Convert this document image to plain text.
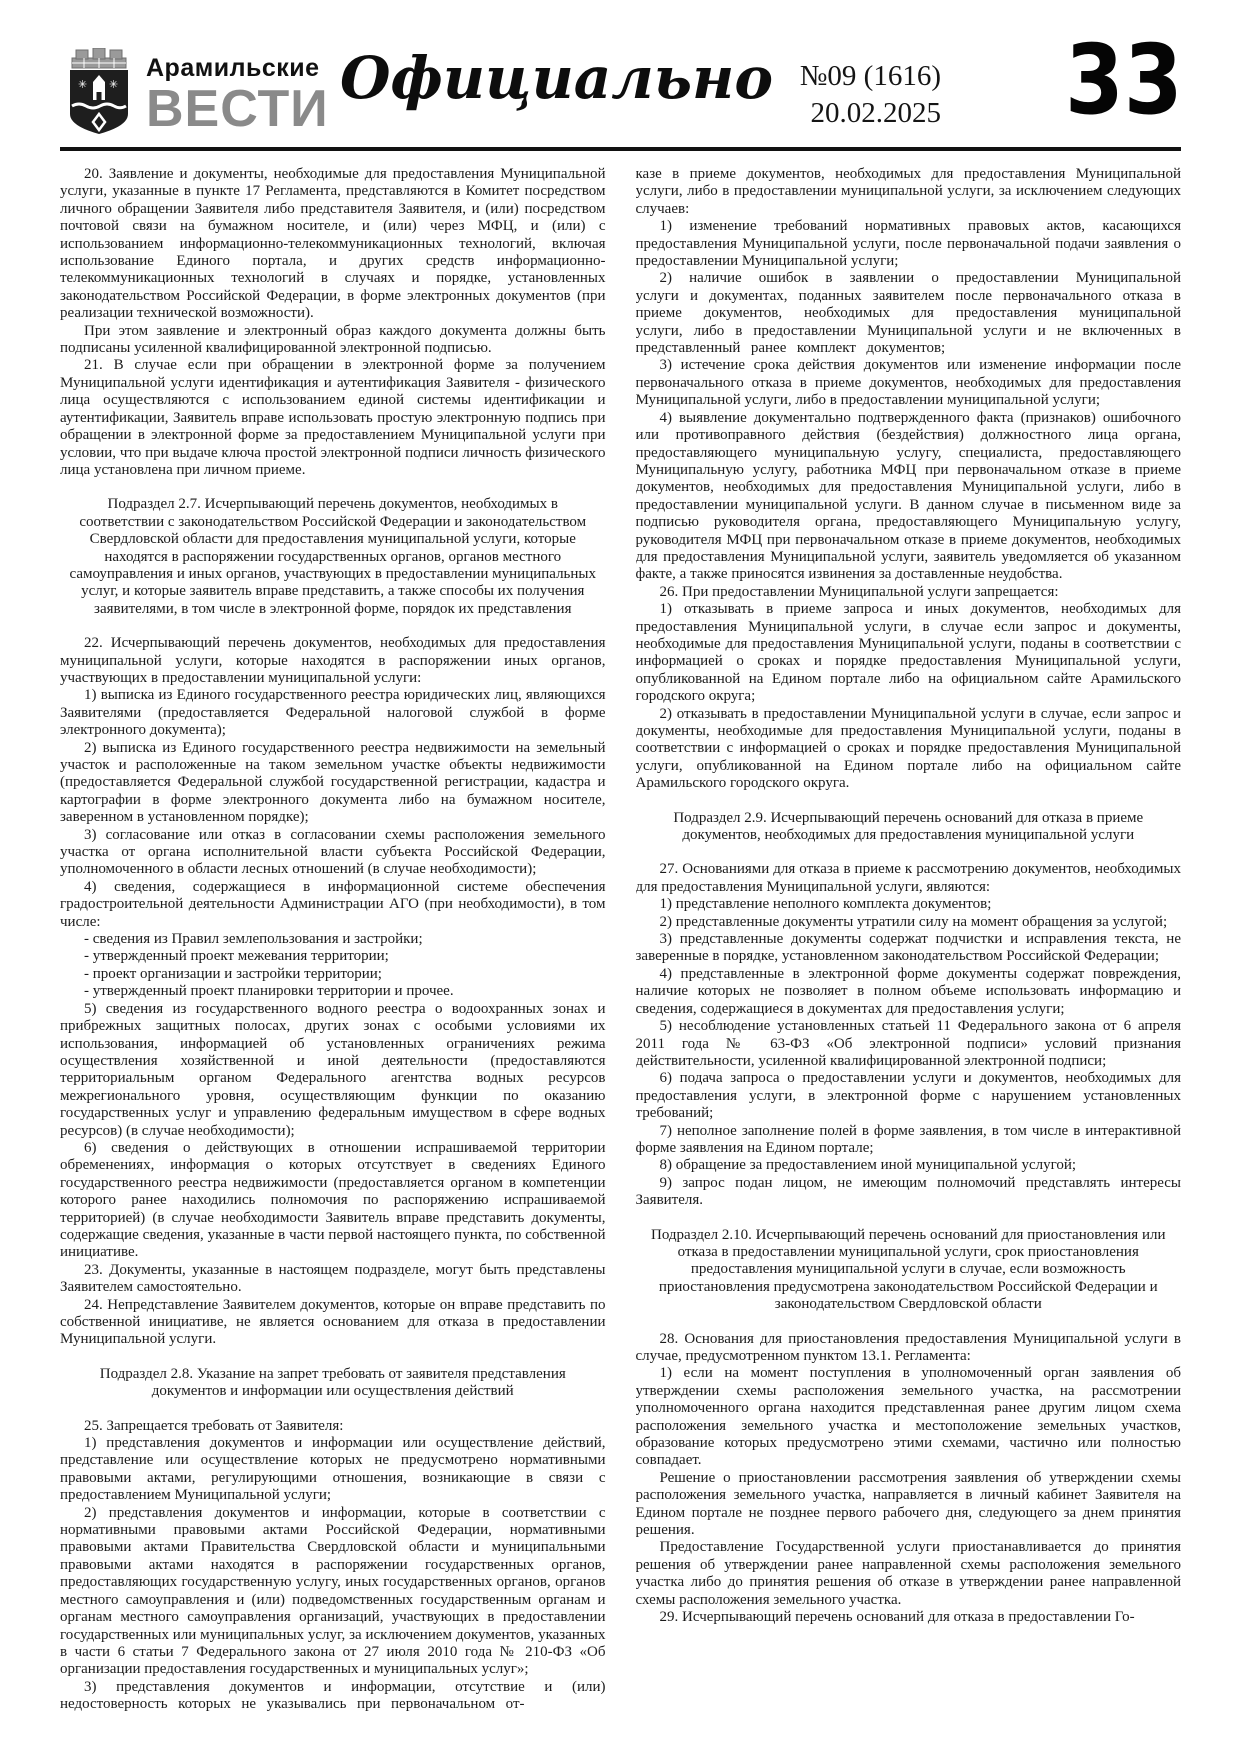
✳ ✳
Арамильские
ВЕСТИ Официально №09 (1616)
20.02.2025 33

20. Заявление и документы, необходимые для предоставления Муниципальной услуги, указанные в пункте 17 Регламента, представляются в Комитет посредством личного обращении Заявителя либо представителя Заявителя, и (или) посредством почтовой связи на бумажном носителе, и (или) через МФЦ, и (или) с использованием информационно-телекоммуникационных технологий, включая использование Единого портала, и других средств информационно-телекоммуникационных технологий в случаях и порядке, установленных законодательством Российской Федерации, в форме электронных документов (при реализации технической возможности).

При этом заявление и электронный образ каждого документа должны быть подписаны усиленной квалифицированной электронной подписью.

21. В случае если при обращении в электронной форме за получением Муниципальной услуги идентификация и аутентификация Заявителя - физического лица осуществляются с использованием единой системы идентификации и аутентификации, Заявитель вправе использовать простую электронную подпись при обращении в электронной форме за предоставлением Муниципальной услуги при условии, что при выдаче ключа простой электронной подписи личность физического лица установлена при личном приеме.

Подраздел 2.7. Исчерпывающий перечень документов, необходимых в соответствии с законодательством Российской Федерации и законодательством Свердловской области для предоставления муниципальной услуги, которые находятся в распоряжении государственных органов, органов местного самоуправления и иных органов, участвующих в предоставлении муниципальных услуг, и которые заявитель вправе представить, а также способы их получения заявителями, в том числе в электронной форме, порядок их представления

22. Исчерпывающий перечень документов, необходимых для предоставления муниципальной услуги, которые находятся в распоряжении иных органов, участвующих в предоставлении муниципальной услуги:

1) выписка из Единого государственного реестра юридических лиц, являющихся Заявителями (предоставляется Федеральной налоговой службой в форме электронного документа);

2) выписка из Единого государственного реестра недвижимости на земельный участок и расположенные на таком земельном участке объекты недвижимости (предоставляется Федеральной службой государственной регистрации, кадастра и картографии в форме электронного документа либо на бумажном носителе, заверенном в установленном порядке);

3) согласование или отказ в согласовании схемы расположения земельного участка от органа исполнительной власти субъекта Российской Федерации, уполномоченного в области лесных отношений (в случае необходимости);

4) сведения, содержащиеся в информационной системе обеспечения градостроительной деятельности Администрации АГО (при необходимости), в том числе:

- сведения из Правил землепользования и застройки;

- утвержденный проект межевания территории;

- проект организации и застройки территории;

- утвержденный проект планировки территории и прочее.

5) сведения из государственного водного реестра о водоохранных зонах и прибрежных защитных полосах, других зонах с особыми условиями их использования, информацией об установленных ограничениях режима осуществления хозяйственной и иной деятельности (предоставляются территориальным органом Федерального агентства водных ресурсов межрегионального уровня, осуществляющим функции по оказанию государственных услуг и управлению федеральным имуществом в сфере водных ресурсов) (в случае необходимости);

6) сведения о действующих в отношении испрашиваемой территории обременениях, информация о которых отсутствует в сведениях Единого государственного реестра недвижимости (предоставляется органом в компетенции которого ранее находились полномочия по распоряжению испрашиваемой территорией) (в случае необходимости Заявитель вправе представить документы, содержащие сведения, указанные в части первой настоящего пункта, по собственной инициативе.

23. Документы, указанные в настоящем подразделе, могут быть представлены Заявителем самостоятельно.

24. Непредставление Заявителем документов, которые он вправе представить по собственной инициативе, не является основанием для отказа в предоставлении Муниципальной услуги.

Подраздел 2.8. Указание на запрет требовать от заявителя представления документов и информации или осуществления действий

25. Запрещается требовать от Заявителя:

1) представления документов и информации или осуществление действий, представление или осуществление которых не предусмотрено нормативными правовыми актами, регулирующими отношения, возникающие в связи с предоставлением Муниципальной услуги;

2) представления документов и информации, которые в соответствии с нормативными правовыми актами Российской Федерации, нормативными правовыми актами Правительства Свердловской области и муниципальными правовыми актами находятся в распоряжении государственных органов, предоставляющих государственную услугу, иных государственных органов, органов местного самоуправления и (или) подведомственных государственным органам и органам местного самоуправления организаций, участвующих в предоставлении государственных или муниципальных услуг, за исключением документов, указанных в части 6 статьи 7 Федерального закона от 27 июля 2010 года № 210-ФЗ «Об организации предоставления государственных и муниципальных услуг»;

3) представления документов и информации, отсутствие и (или) недостоверность которых не указывались при первоначальном от-

казе в приеме документов, необходимых для предоставления Муниципальной услуги, либо в предоставлении муниципальной услуги, за исключением следующих случаев:

1) изменение требований нормативных правовых актов, касающихся предоставления Муниципальной услуги, после первоначальной подачи заявления о предоставлении Муниципальной услуги;

2) наличие ошибок в заявлении о предоставлении Муниципальной услуги и документах, поданных заявителем после первоначального отказа в приеме документов, необходимых для предоставления муниципальной услуги, либо в предоставлении Муниципальной услуги и не включенных в представленный ранее комплект документов;

3) истечение срока действия документов или изменение информации после первоначального отказа в приеме документов, необходимых для предоставления Муниципальной услуги, либо в предоставлении муниципальной услуги;

4) выявление документально подтвержденного факта (признаков) ошибочного или противоправного действия (бездействия) должностного лица органа, предоставляющего муниципальную услугу, специалиста, предоставляющего Муниципальную услугу, работника МФЦ при первоначальном отказе в приеме документов, необходимых для предоставления Муниципальной услуги, либо в предоставлении муниципальной услуги. В данном случае в письменном виде за подписью руководителя органа, предоставляющего Муниципальную услугу, руководителя МФЦ при первоначальном отказе в приеме документов, необходимых для предоставления Муниципальной услуги, заявитель уведомляется об указанном факте, а также приносятся извинения за доставленные неудобства.

26. При предоставлении Муниципальной услуги запрещается:

1) отказывать в приеме запроса и иных документов, необходимых для предоставления Муниципальной услуги, в случае если запрос и документы, необходимые для предоставления Муниципальной услуги, поданы в соответствии с информацией о сроках и порядке предоставления Муниципальной услуги, опубликованной на Едином портале либо на официальном сайте Арамильского городского округа;

2) отказывать в предоставлении Муниципальной услуги в случае, если запрос и документы, необходимые для предоставления Муниципальной услуги, поданы в соответствии с информацией о сроках и порядке предоставления Муниципальной услуги, опубликованной на Едином портале либо на официальном сайте Арамильского городского округа.

Подраздел 2.9. Исчерпывающий перечень оснований для отказа в приеме документов, необходимых для предоставления муниципальной услуги

27. Основаниями для отказа в приеме к рассмотрению документов, необходимых для предоставления Муниципальной услуги, являются:

1) представление неполного комплекта документов;

2) представленные документы утратили силу на момент обращения за услугой;

3) представленные документы содержат подчистки и исправления текста, не заверенные в порядке, установленном законодательством Российской Федерации;

4) представленные в электронной форме документы содержат повреждения, наличие которых не позволяет в полном объеме использовать информацию и сведения, содержащиеся в документах для предоставления услуги;

5) несоблюдение установленных статьей 11 Федерального закона от 6 апреля 2011 года № 63-ФЗ «Об электронной подписи» условий признания действительности, усиленной квалифицированной электронной подписи;

6) подача запроса о предоставлении услуги и документов, необходимых для предоставления услуги, в электронной форме с нарушением установленных требований;

7) неполное заполнение полей в форме заявления, в том числе в интерактивной форме заявления на Едином портале;

8) обращение за предоставлением иной муниципальной услугой;

9) запрос подан лицом, не имеющим полномочий представлять интересы Заявителя.

Подраздел 2.10. Исчерпывающий перечень оснований для приостановления или отказа в предоставлении муниципальной услуги, срок приостановления предоставления муниципальной услуги в случае, если возможность приостановления предусмотрена законодательством Российской Федерации и законодательством Свердловской области

28. Основания для приостановления предоставления Муниципальной услуги в случае, предусмотренном пунктом 13.1. Регламента:

1) если на момент поступления в уполномоченный орган заявления об утверждении схемы расположения земельного участка, на рассмотрении уполномоченного органа находится представленная ранее другим лицом схема расположения земельного участка и местоположение земельных участков, образование которых предусмотрено этими схемами, частично или полностью совпадает.

Решение о приостановлении рассмотрения заявления об утверждении схемы расположения земельного участка, направляется в личный кабинет Заявителя на Едином портале не позднее первого рабочего дня, следующего за днем принятия решения.

Предоставление Государственной услуги приостанавливается до принятия решения об утверждении ранее направленной схемы расположения земельного участка либо до принятия решения об отказе в утверждении ранее направленной схемы расположения земельного участка.

29. Исчерпывающий перечень оснований для отказа в предоставлении Го-
